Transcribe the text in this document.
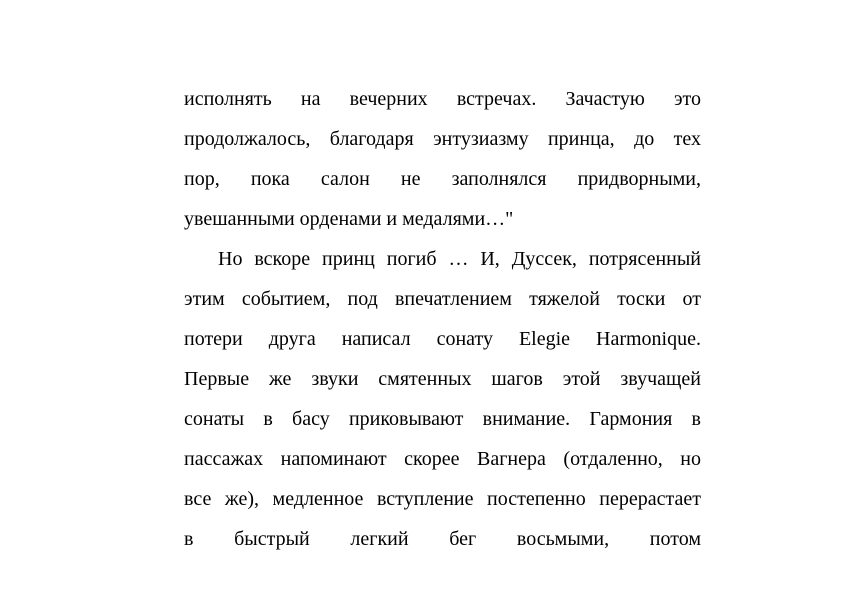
исполнять на вечерних встречах. Зачастую это
продолжалось, благодаря энтузиазму принца, до тех
пор, пока салон не заполнялся придворными,
увешанными орденами и медалями…"
Но вскоре принц погиб … И, Дуссек, потрясенный
этим событием, под впечатлением тяжелой тоски от
потери друга написал сонату Elegie Harmonique.
Первые же звуки смятенных шагов этой звучащей
сонаты в басу приковывают внимание. Гармония в
пассажах напоминают скорее Вагнера (отдаленно, но
все же), медленное вступление постепенно перерастает
в быстрый легкий бег восьмыми, потом
